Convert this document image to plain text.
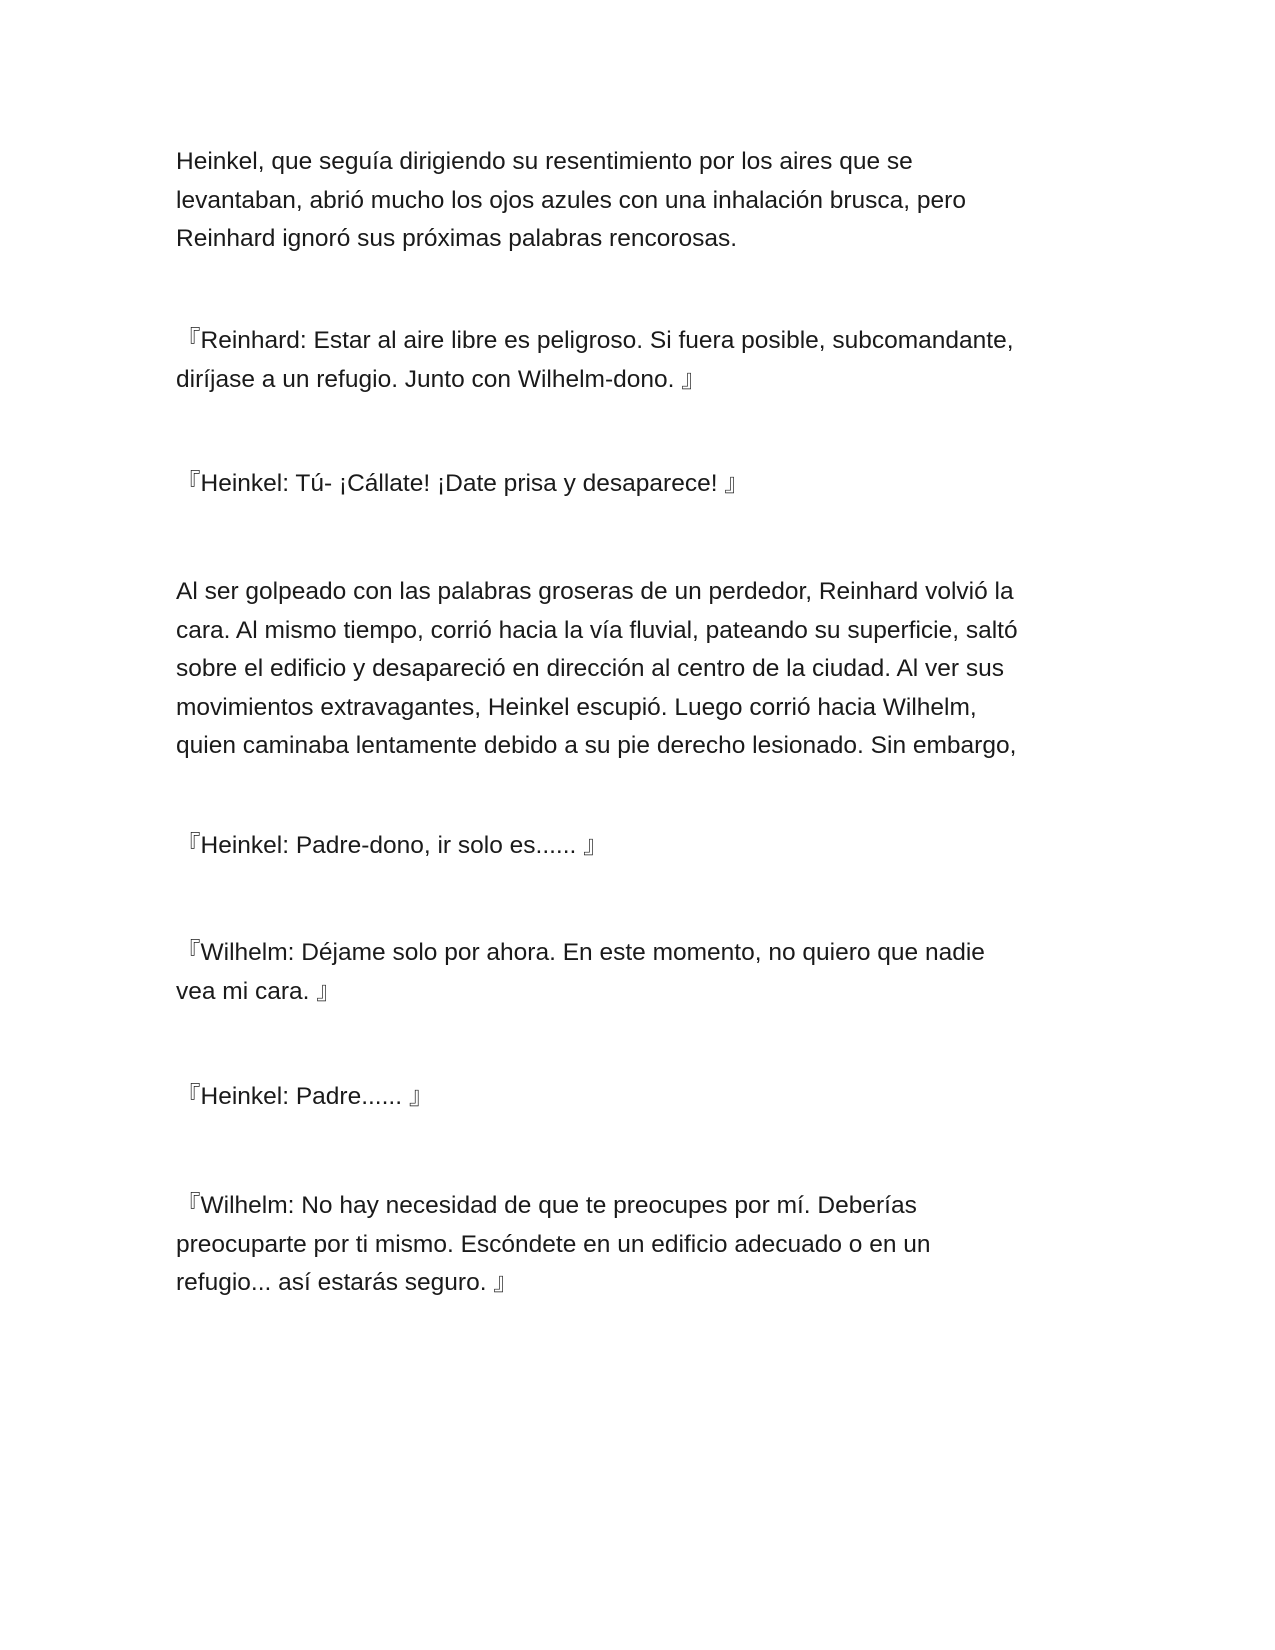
Heinkel, que seguía dirigiendo su resentimiento por los aires que se
levantaban, abrió mucho los ojos azules con una inhalación brusca, pero
Reinhard ignoró sus próximas palabras rencorosas.

『Reinhard: Estar al aire libre es peligroso. Si fuera posible, subcomandante,
diríjase a un refugio. Junto con Wilhelm-dono. 』

『Heinkel: Tú- ¡Cállate! ¡Date prisa y desaparece! 』

Al ser golpeado con las palabras groseras de un perdedor, Reinhard volvió la
cara. Al mismo tiempo, corrió hacia la vía fluvial, pateando su superficie, saltó
sobre el edificio y desapareció en dirección al centro de la ciudad. Al ver sus
movimientos extravagantes, Heinkel escupió. Luego corrió hacia Wilhelm,
quien caminaba lentamente debido a su pie derecho lesionado. Sin embargo,

『Heinkel: Padre-dono, ir solo es...... 』

『Wilhelm: Déjame solo por ahora. En este momento, no quiero que nadie
vea mi cara. 』

『Heinkel: Padre...... 』

『Wilhelm: No hay necesidad de que te preocupes por mí. Deberías
preocuparte por ti mismo. Escóndete en un edificio adecuado o en un
refugio... así estarás seguro. 』
